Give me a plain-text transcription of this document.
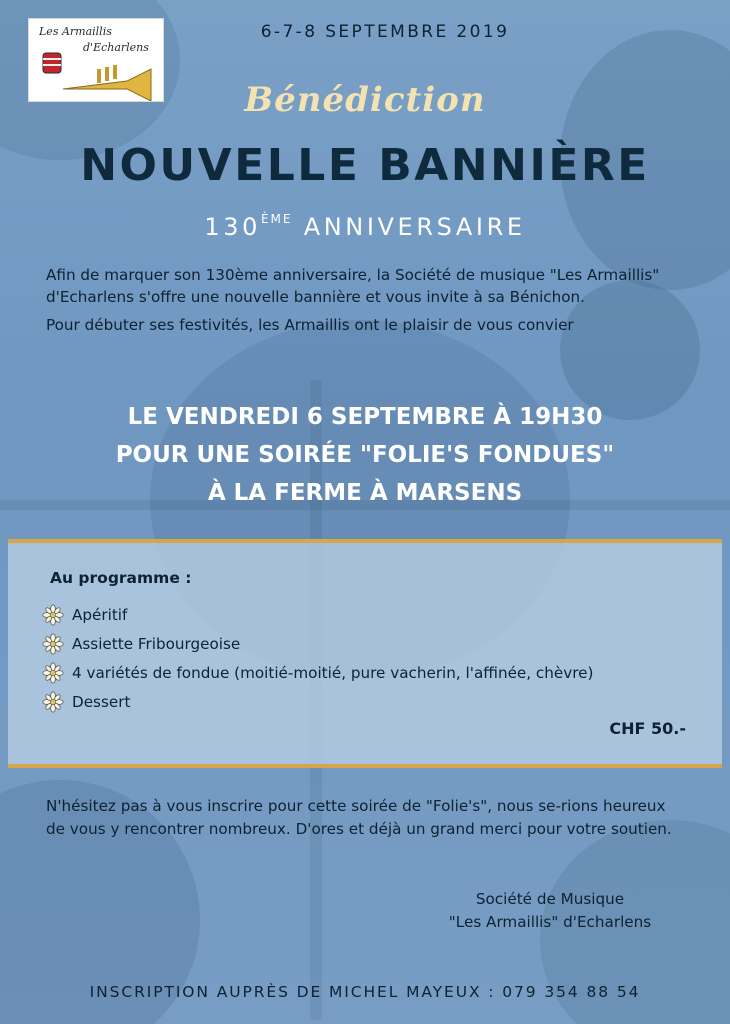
Les Armaillis
d'Echarlens
6-7-8 SEPTEMBRE 2019
Bénédiction
NOUVELLE BANNIÈRE
130ÈME ANNIVERSAIRE

Afin de marquer son 130ème anniversaire, la Société de musique "Les Armaillis" d'Echarlens s'offre une nouvelle bannière et vous invite à sa Bénichon.

Pour débuter ses festivités, les Armaillis ont le plaisir de vous convier

LE VENDREDI 6 SEPTEMBRE À 19H30
POUR UNE SOIRÉE "FOLIE'S FONDUES"
À LA FERME À MARSENS
Au programme :
Apéritif
Assiette Fribourgeoise
4 variétés de fondue (moitié-moitié, pure vacherin, l'affinée, chèvre)
Dessert
CHF 50.-
N'hésitez pas à vous inscrire pour cette soirée de "Folie's", nous se-rions heureux de vous y rencontrer nombreux. D'ores et déjà un grand merci pour votre soutien.
Société de Musique
"Les Armaillis" d'Echarlens
INSCRIPTION AUPRÈS DE MICHEL MAYEUX : 079 354 88 54
